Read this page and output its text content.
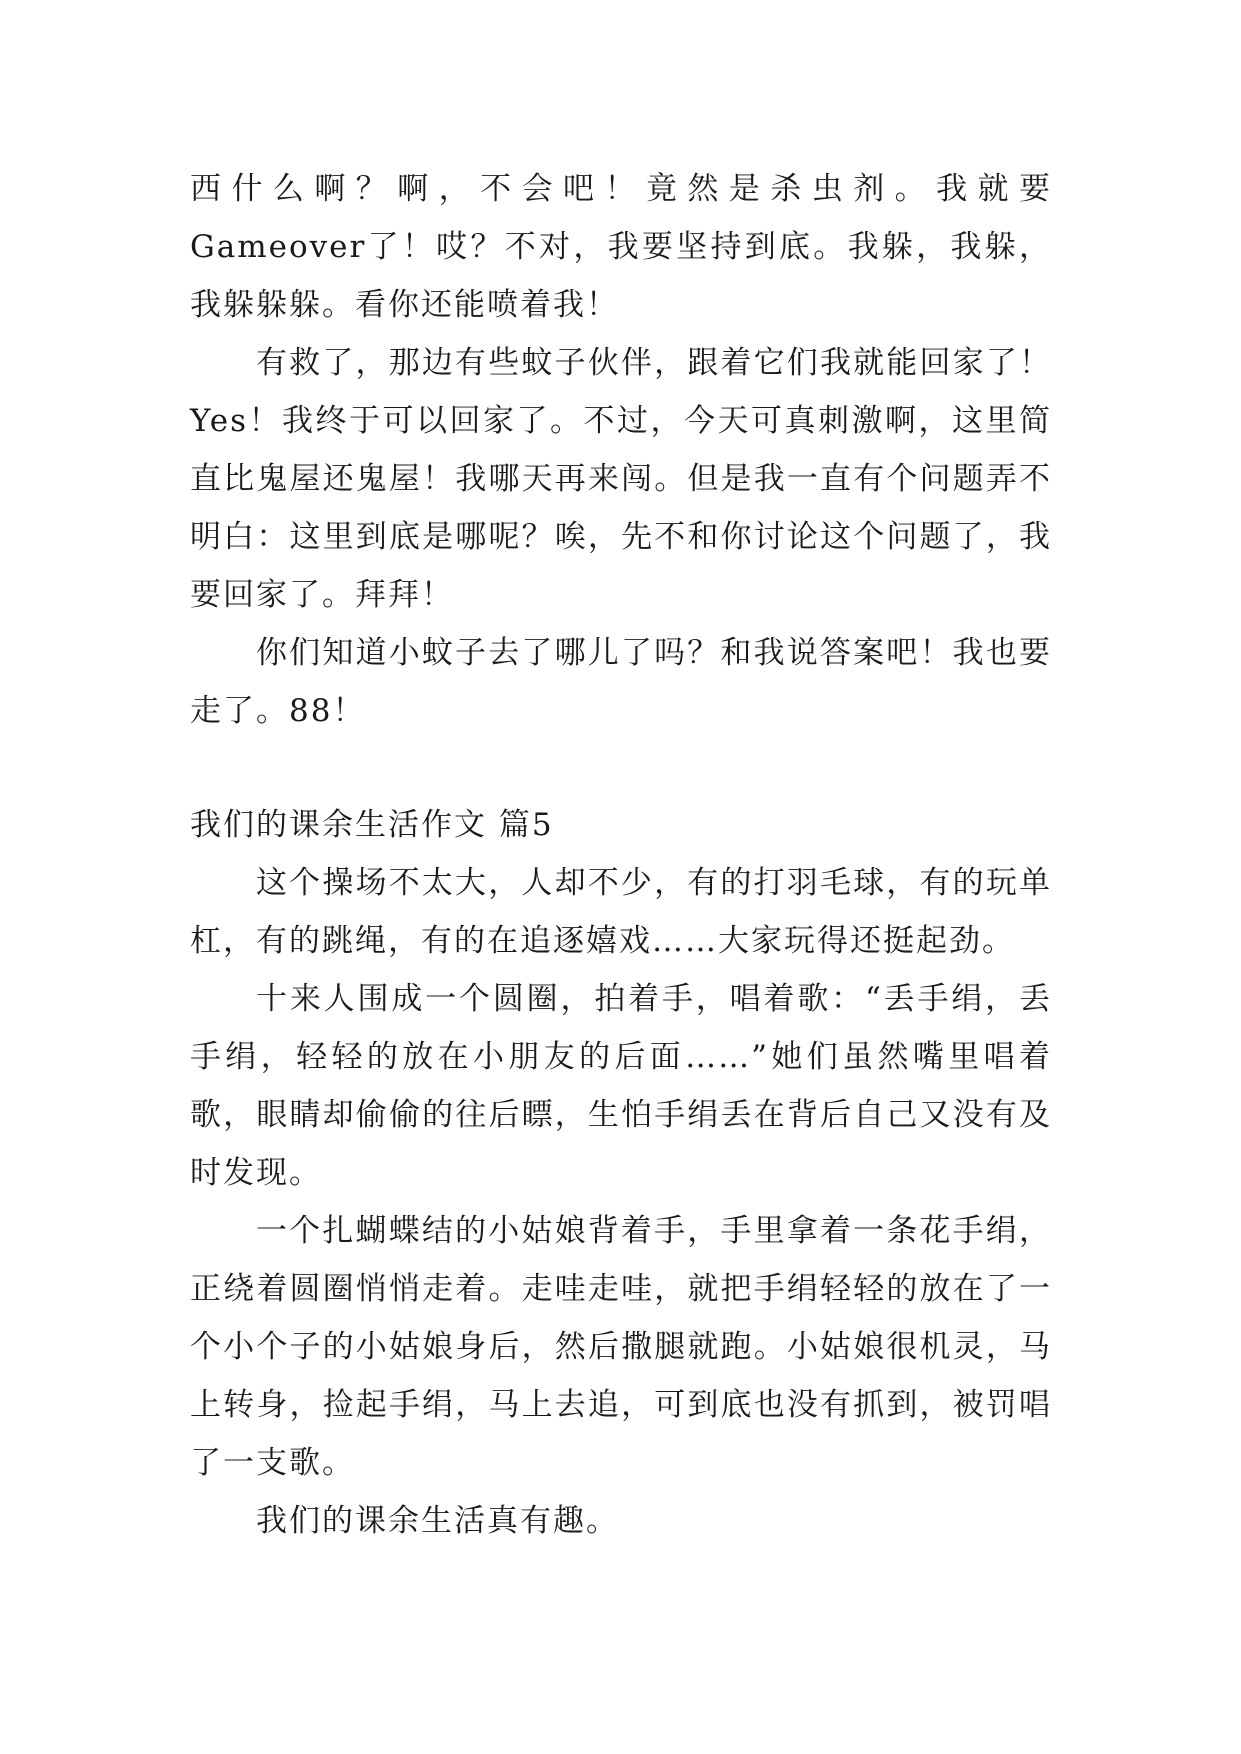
西什么啊？啊，不会吧！竟然是杀虫剂。我就要Gameover了！哎？不对，我要坚持到底。我躲，我躲，我躲躲躲。看你还能喷着我！

有救了，那边有些蚊子伙伴，跟着它们我就能回家了！Yes！我终于可以回家了。不过，今天可真刺激啊，这里简直比鬼屋还鬼屋！我哪天再来闯。但是我一直有个问题弄不明白：这里到底是哪呢？唉，先不和你讨论这个问题了，我要回家了。拜拜！

你们知道小蚊子去了哪儿了吗？和我说答案吧！我也要走了。88！

我们的课余生活作文 篇5

这个操场不太大，人却不少，有的打羽毛球，有的玩单杠，有的跳绳，有的在追逐嬉戏……大家玩得还挺起劲。

十来人围成一个圆圈，拍着手，唱着歌：“丢手绢，丢手绢，轻轻的放在小朋友的后面……”她们虽然嘴里唱着歌，眼睛却偷偷的往后瞟，生怕手绢丢在背后自己又没有及时发现。

一个扎蝴蝶结的小姑娘背着手，手里拿着一条花手绢，正绕着圆圈悄悄走着。走哇走哇，就把手绢轻轻的放在了一个小个子的小姑娘身后，然后撒腿就跑。小姑娘很机灵，马上转身，捡起手绢，马上去追，可到底也没有抓到，被罚唱了一支歌。

我们的课余生活真有趣。
